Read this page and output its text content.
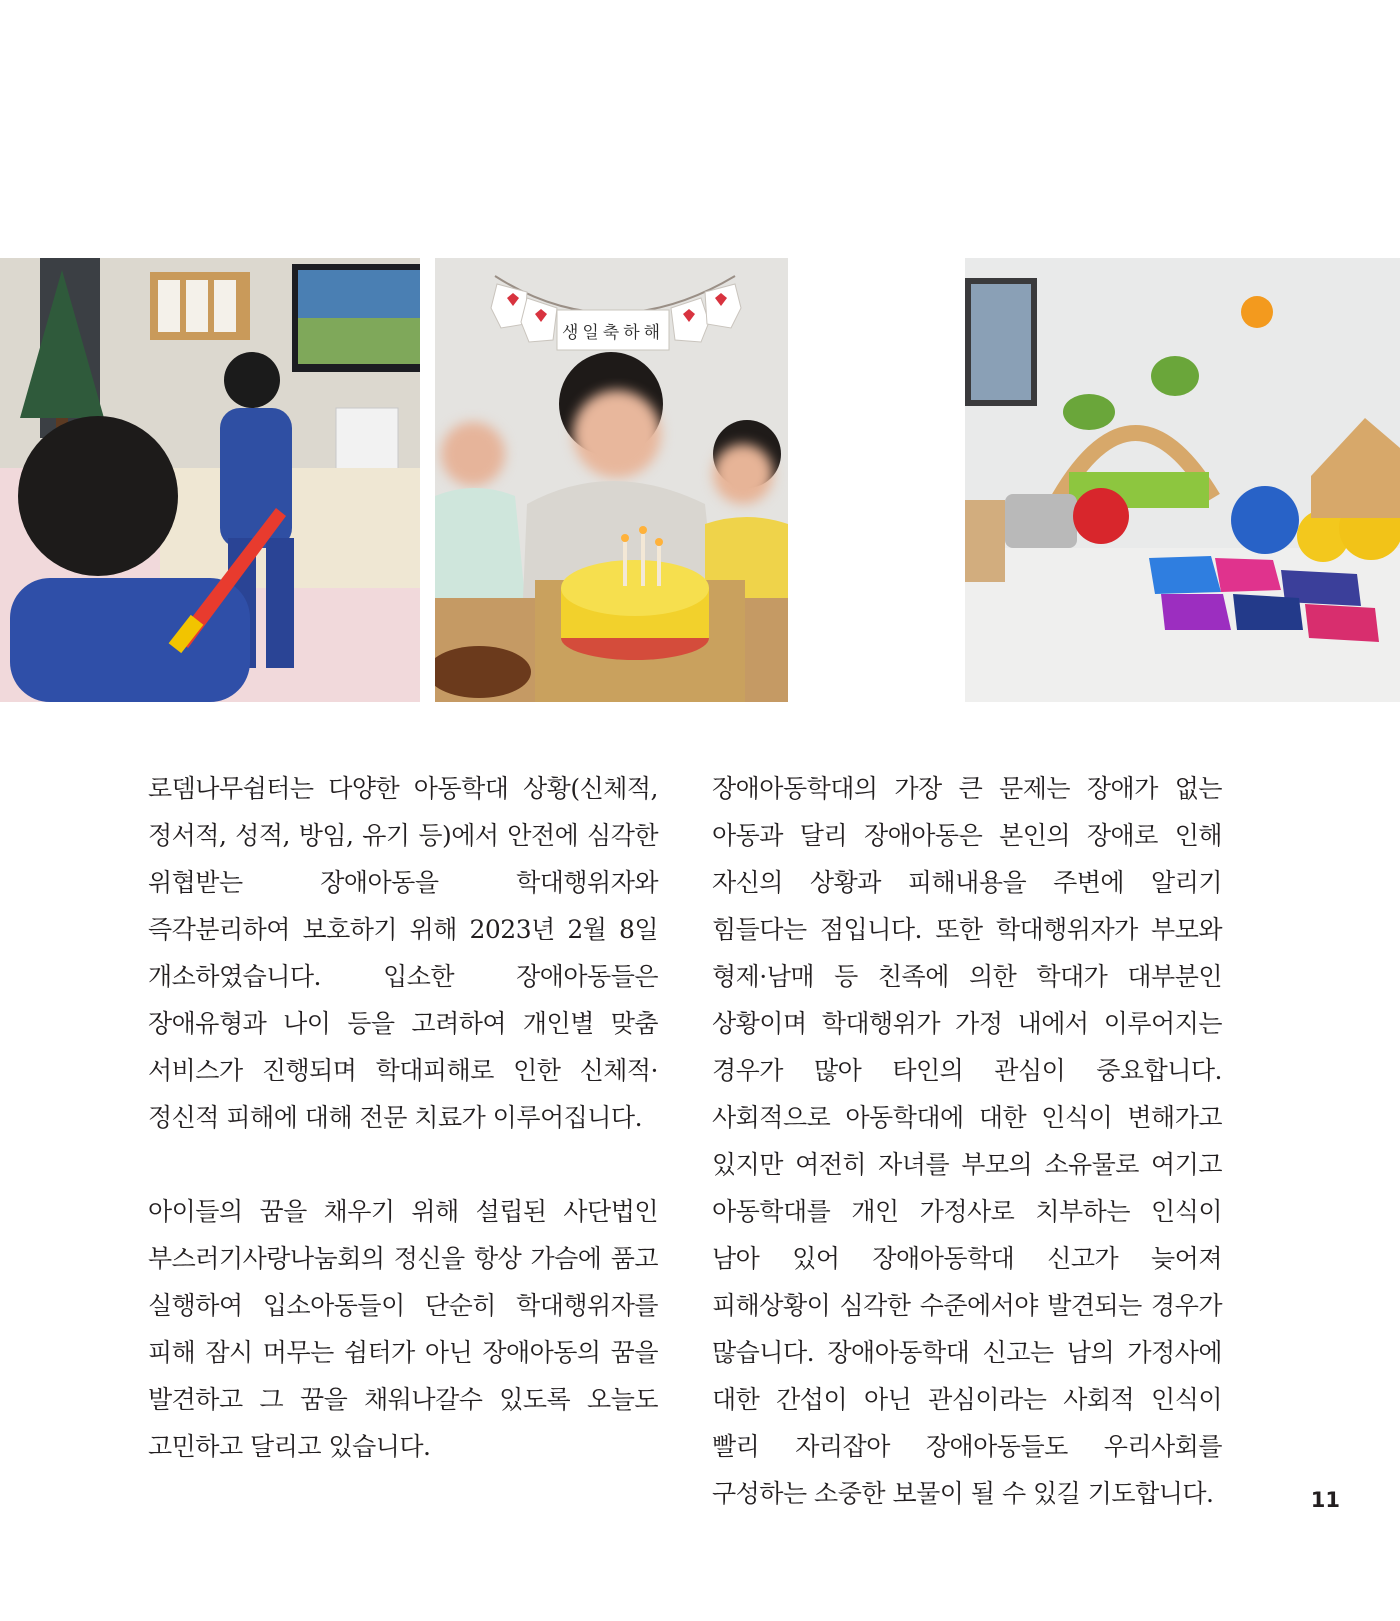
생일축하해

로뎀나무쉼터는 다양한 아동학대 상황(신체적, 정서적, 성적, 방임, 유기 등)에서 안전에 심각한 위협받는 장애아동을 학대행위자와 즉각분리하여 보호하기 위해 2023년 2월 8일 개소하였습니다. 입소한 장애아동들은 장애유형과 나이 등을 고려하여 개인별 맞춤 서비스가 진행되며 학대피해로 인한 신체적·정신적 피해에 대해 전문 치료가 이루어집니다.

아이들의 꿈을 채우기 위해 설립된 사단법인 부스러기사랑나눔회의 정신을 항상 가슴에 품고 실행하여 입소아동들이 단순히 학대행위자를 피해 잠시 머무는 쉼터가 아닌 장애아동의 꿈을 발견하고 그 꿈을 채워나갈수 있도록 오늘도 고민하고 달리고 있습니다.

장애아동학대의 가장 큰 문제는 장애가 없는 아동과 달리 장애아동은 본인의 장애로 인해 자신의 상황과 피해내용을 주변에 알리기 힘들다는 점입니다. 또한 학대행위자가 부모와 형제·남매 등 친족에 의한 학대가 대부분인 상황이며 학대행위가 가정 내에서 이루어지는 경우가 많아 타인의 관심이 중요합니다. 사회적으로 아동학대에 대한 인식이 변해가고 있지만 여전히 자녀를 부모의 소유물로 여기고 아동학대를 개인 가정사로 치부하는 인식이 남아 있어 장애아동학대 신고가 늦어져 피해상황이 심각한 수준에서야 발견되는 경우가 많습니다. 장애아동학대 신고는 남의 가정사에 대한 간섭이 아닌 관심이라는 사회적 인식이 빨리 자리잡아 장애아동들도 우리사회를 구성하는 소중한 보물이 될 수 있길 기도합니다.	11
